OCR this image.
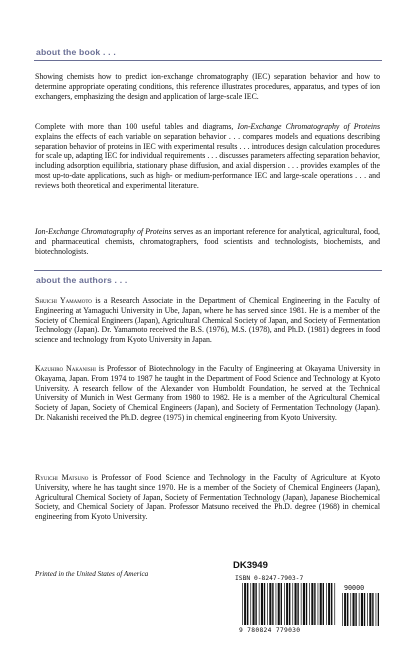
about the book . . .

Showing chemists how to predict ion-exchange chromatography (IEC) separation behavior and how to determine appropriate operating conditions, this reference illustrates procedures, apparatus, and types of ion exchangers, emphasizing the design and application of large-scale IEC.

Complete with more than 100 useful tables and diagrams, Ion-Exchange Chromatography of Proteins explains the effects of each variable on separation behavior . . . compares models and equations describing separation behavior of proteins in IEC with experimental results . . . introduces design calculation procedures for scale up, adapting IEC for individual requirements . . . discusses parameters affecting separation behavior, including adsorption equilibria, stationary phase diffusion, and axial dispersion . . . provides examples of the most up-to-date applications, such as high- or medium-performance IEC and large-scale operations . . . and reviews both theoretical and experimental literature.

Ion-Exchange Chromatography of Proteins serves as an important reference for analytical, agricultural, food, and pharmaceutical chemists, chromatographers, food scientists and technologists, biochemists, and biotechnologists.

about the authors . . .

Shuichi Yamamoto is a Research Associate in the Department of Chemical Engineering in the Faculty of Engineering at Yamaguchi University in Ube, Japan, where he has served since 1981. He is a member of the Society of Chemical Engineers (Japan), Agricultural Chemical Society of Japan, and Society of Fermentation Technology (Japan). Dr. Yamamoto received the B.S. (1976), M.S. (1978), and Ph.D. (1981) degrees in food science and technology from Kyoto University in Japan.

Kazuhiro Nakanishi is Professor of Biotechnology in the Faculty of Engineering at Okayama University in Okayama, Japan. From 1974 to 1987 he taught in the Department of Food Science and Technology at Kyoto University. A research fellow of the Alexander von Humboldt Foundation, he served at the Technical University of Munich in West Germany from 1980 to 1982. He is a member of the Agricultural Chemical Society of Japan, Society of Chemical Engineers (Japan), and Society of Fermentation Technology (Japan). Dr. Nakanishi received the Ph.D. degree (1975) in chemical engineering from Kyoto University.

Ryuichi Matsuno is Professor of Food Science and Technology in the Faculty of Agriculture at Kyoto University, where he has taught since 1970. He is a member of the Society of Chemical Engineers (Japan), Agricultural Chemical Society of Japan, Society of Fermentation Technology (Japan), Japanese Biochemical Society, and Chemical Society of Japan. Professor Matsuno received the Ph.D. degree (1968) in chemical engineering from Kyoto University.

Printed in the United States of America
DK3949
ISBN 0-8247-7903-7
90000
9 780824 779030
